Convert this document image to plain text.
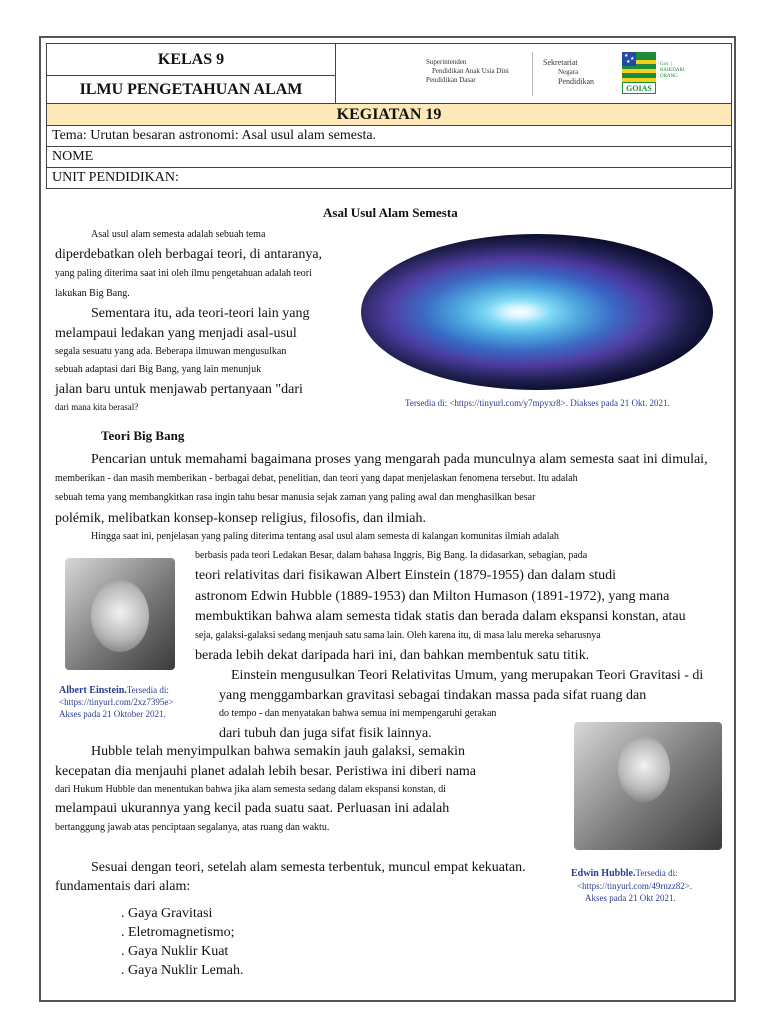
KELAS 9
ILMU PENGETAHUAN ALAM
Superintenden
Pendidikan Anak Usia Dini
Pendidikan Dasar
Sekretariat
Negara
Pendidikan
★
★
★
GOIAS
Gov. | BAIKDARI ORANG
KEGIATAN 19
Tema: Urutan besaran astronomi: Asal usul alam semesta.
NOME
UNIT PENDIDIKAN:
Asal Usul Alam Semesta
Asal usul alam semesta adalah sebuah tema
diperdebatkan oleh berbagai teori, di antaranya,
yang paling diterima saat ini oleh ilmu pengetahuan adalah teori
lakukan Big Bang.
Sementara itu, ada teori-teori lain yang
melampaui ledakan yang menjadi asal-usul
segala sesuatu yang ada. Beberapa ilmuwan mengusulkan
sebuah adaptasi dari Big Bang, yang lain menunjuk
jalan baru untuk menjawab pertanyaan "dari
dari mana kita berasal?	Tersedia di: <https://tinyurl.com/y7mpyxr8>. Diakses pada 21 Okt. 2021.
Teori Big Bang
Pencarian untuk memahami bagaimana proses yang mengarah pada munculnya alam semesta saat ini dimulai,
memberikan - dan masih memberikan - berbagai debat, penelitian, dan teori yang dapat menjelaskan fenomena tersebut. Itu adalah
sebuah tema yang membangkitkan rasa ingin tahu besar manusia sejak zaman yang paling awal dan menghasilkan besar
polémik, melibatkan konsep-konsep religius, filosofis, dan ilmiah.
Hingga saat ini, penjelasan yang paling diterima tentang asal usul alam semesta di kalangan komunitas ilmiah adalah
berbasis pada teori Ledakan Besar, dalam bahasa Inggris, Big Bang. Ia didasarkan, sebagian, pada
teori relativitas dari fisikawan Albert Einstein (1879-1955) dan dalam studi
astronom Edwin Hubble (1889-1953) dan Milton Humason (1891-1972), yang mana
membuktikan bahwa alam semesta tidak statis dan berada dalam ekspansi konstan, atau
seja, galaksi-galaksi sedang menjauh satu sama lain. Oleh karena itu, di masa lalu mereka seharusnya
berada lebih dekat daripada hari ini, dan bahkan membentuk satu titik.
Albert Einstein.Tersedia di:
<https://tinyurl.com/2xz7395e>
Akses pada 21 Oktober 2021.
Einstein mengusulkan Teori Relativitas Umum, yang merupakan Teori Gravitasi - di
yang menggambarkan gravitasi sebagai tindakan massa pada sifat ruang dan
do tempo - dan menyatakan bahwa semua ini mempengaruhi gerakan
dari tubuh dan juga sifat fisik lainnya.
Hubble telah menyimpulkan bahwa semakin jauh galaksi, semakin
kecepatan dia menjauhi planet adalah lebih besar. Peristiwa ini diberi nama
dari Hukum Hubble dan menentukan bahwa jika alam semesta sedang dalam ekspansi konstan, di
melampaui ukurannya yang kecil pada suatu saat. Perluasan ini adalah
bertanggung jawab atas penciptaan segalanya, atas ruang dan waktu.
Edwin Hubble.Tersedia di:
<https://tinyurl.com/49rnzz82>.
Akses pada 21 Okt 2021.
Sesuai dengan teori, setelah alam semesta terbentuk, muncul empat kekuatan.
fundamentais dari alam:
. Gaya Gravitasi
. Eletromagnetismo;
. Gaya Nuklir Kuat
. Gaya Nuklir Lemah.
